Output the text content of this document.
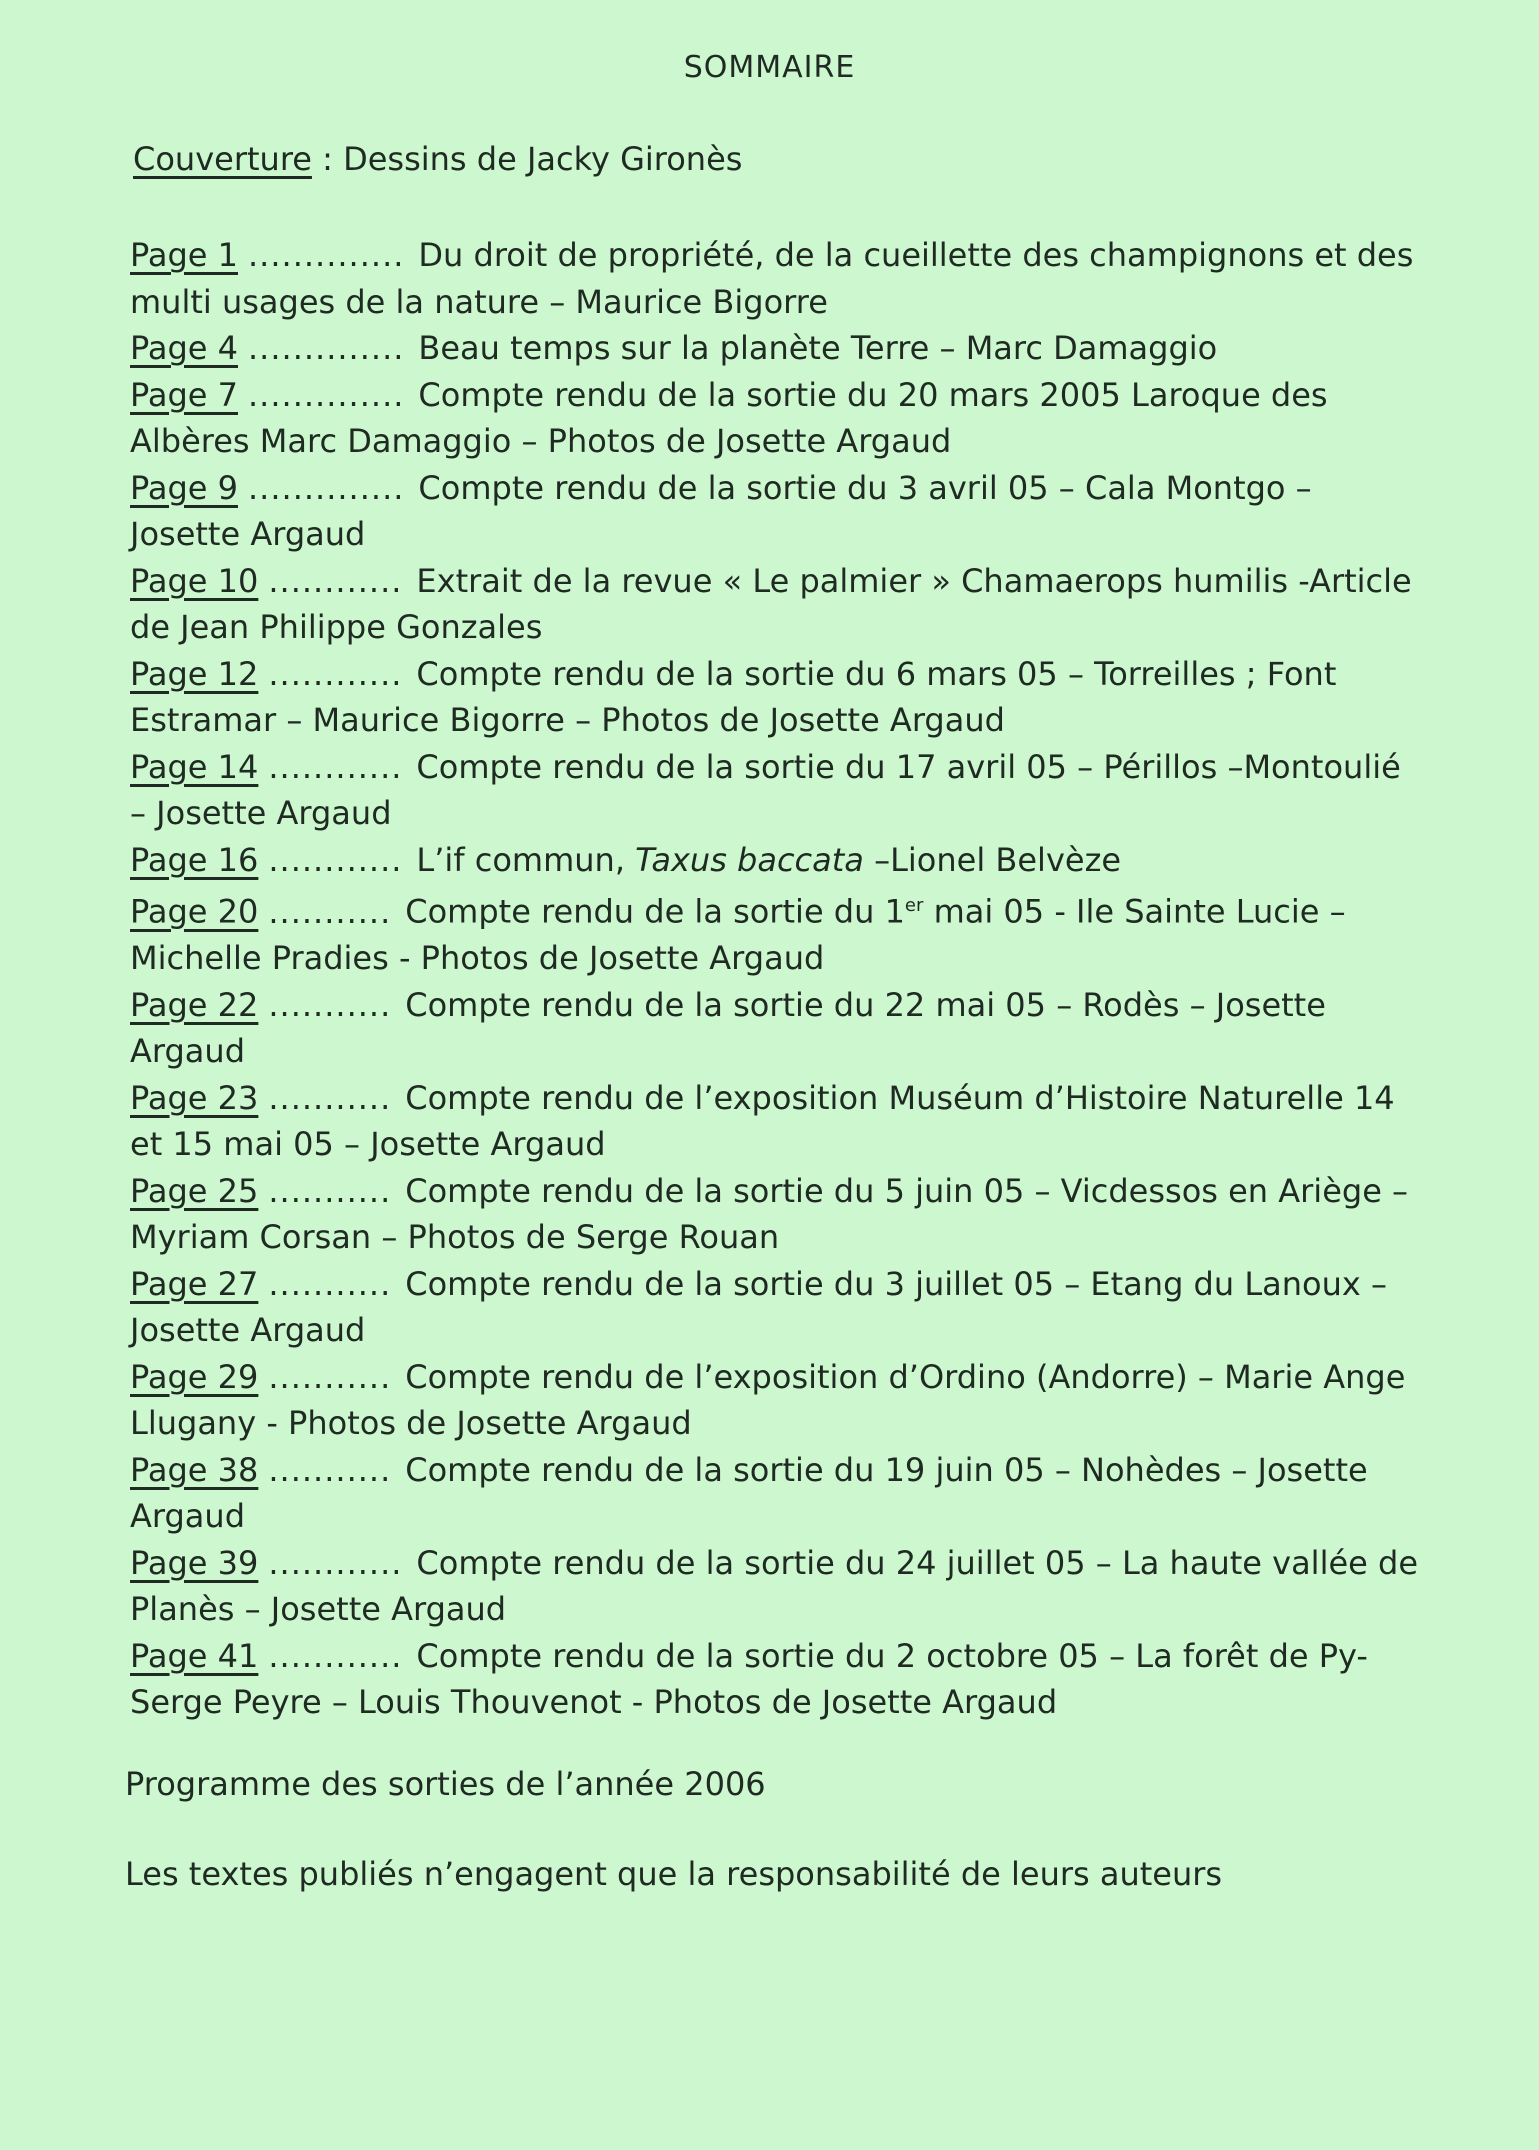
SOMMAIRE
Couverture : Dessins de Jacky Gironès

Page 1 .............. Du droit de propriété, de la cueillette des champignons et des multi usages de la nature – Maurice Bigorre

Page 4 .............. Beau temps sur la planète Terre – Marc Damaggio

Page 7 .............. Compte rendu de la sortie du 20 mars 2005 Laroque des Albères Marc Damaggio – Photos de Josette Argaud

Page 9 .............. Compte rendu de la sortie du 3 avril 05 – Cala Montgo – Josette Argaud

Page 10 ............ Extrait de la revue « Le palmier » Chamaerops humilis -Article de Jean Philippe Gonzales

Page 12 ............ Compte rendu de la sortie du 6 mars 05 – Torreilles ; Font Estramar – Maurice Bigorre – Photos de Josette Argaud

Page 14 ............ Compte rendu de la sortie du 17 avril 05 – Périllos –Montoulié – Josette Argaud

Page 16 ............ L’if commun, Taxus baccata –Lionel Belvèze

Page 20 ........... Compte rendu de la sortie du 1er mai 05 - Ile Sainte Lucie – Michelle Pradies - Photos de Josette Argaud

Page 22 ........... Compte rendu de la sortie du 22 mai 05 – Rodès – Josette Argaud

Page 23 ........... Compte rendu de l’exposition Muséum d’Histoire Naturelle 14 et 15 mai 05 – Josette Argaud

Page 25 ........... Compte rendu de la sortie du 5 juin 05 – Vicdessos en Ariège – Myriam Corsan – Photos de Serge Rouan

Page 27 ........... Compte rendu de la sortie du 3 juillet 05 – Etang du Lanoux – Josette Argaud

Page 29 ........... Compte rendu de l’exposition d’Ordino (Andorre) – Marie Ange Llugany - Photos de Josette Argaud

Page 38 ........... Compte rendu de la sortie du 19 juin 05 – Nohèdes – Josette Argaud

Page 39 ............ Compte rendu de la sortie du 24 juillet 05 – La haute vallée de Planès – Josette Argaud

Page 41 ............ Compte rendu de la sortie du 2 octobre 05 – La forêt de Py- Serge Peyre – Louis Thouvenot - Photos de Josette Argaud

Programme des sorties de l’année 2006
Les textes publiés n’engagent que la responsabilité de leurs auteurs
